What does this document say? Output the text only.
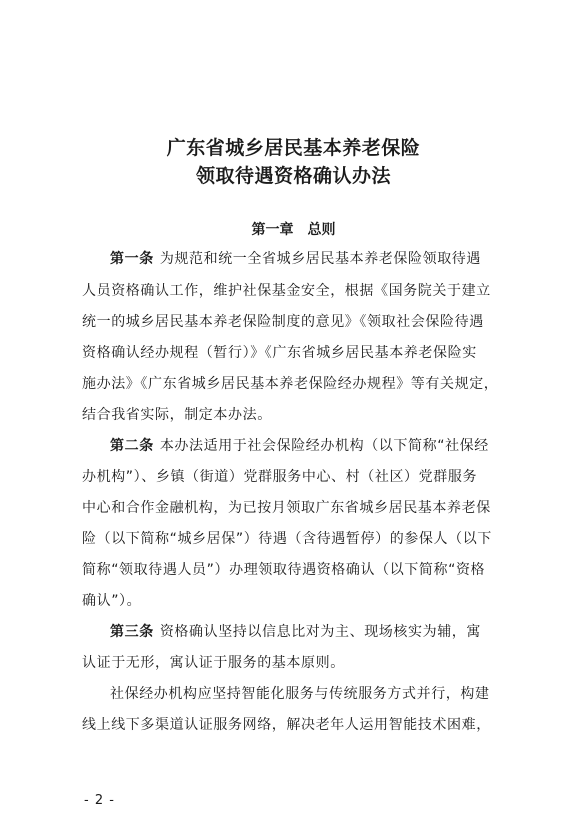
广东省城乡居民基本养老保险
领取待遇资格确认办法
第一章　总则
第一条 为规范和统一全省城乡居民基本养老保险领取待遇
人员资格确认工作，维护社保基金安全，根据《国务院关于建立
统一的城乡居民基本养老保险制度的意见》《领取社会保险待遇
资格确认经办规程（暂行）》《广东省城乡居民基本养老保险实
施办法》《广东省城乡居民基本养老保险经办规程》等有关规定，
结合我省实际，制定本办法。
第二条 本办法适用于社会保险经办机构（以下简称“社保经
办机构”）、乡镇（街道）党群服务中心、村（社区）党群服务
中心和合作金融机构，为已按月领取广东省城乡居民基本养老保
险（以下简称“城乡居保”）待遇（含待遇暂停）的参保人（以下
简称“领取待遇人员”）办理领取待遇资格确认（以下简称“资格
确认”）。
第三条 资格确认坚持以信息比对为主、现场核实为辅，寓
认证于无形，寓认证于服务的基本原则。
社保经办机构应坚持智能化服务与传统服务方式并行，构建
线上线下多渠道认证服务网络，解决老年人运用智能技术困难，
- 2 -
